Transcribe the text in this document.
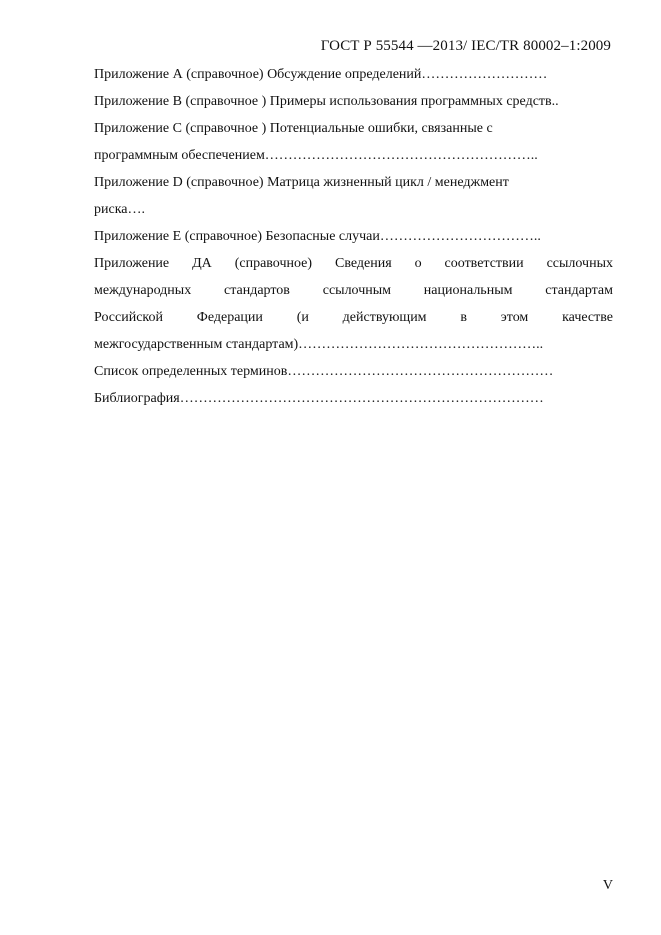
ГОСТ Р 55544 —2013/ IEC/TR 80002–1:2009
Приложение А (справочное) Обсуждение определений………………………
Приложение В (справочное ) Примеры использования программных средств..
Приложение С (справочное ) Потенциальные ошибки, связанные с
программным обеспечением…………………………………………………..
Приложение D (справочное) Матрица жизненный цикл / менеджмент
риска….
Приложение Е (справочное) Безопасные случаи……………………………..
Приложение ДА (справочное) Сведения о соответствии ссылочных
международных стандартов ссылочным национальным стандартам
Российской Федерации (и действующим в этом качестве
межгосударственным стандартам)……………………………………………..
Список определенных терминов…………………………………………………
Библиография……………………………………………………………………
V
